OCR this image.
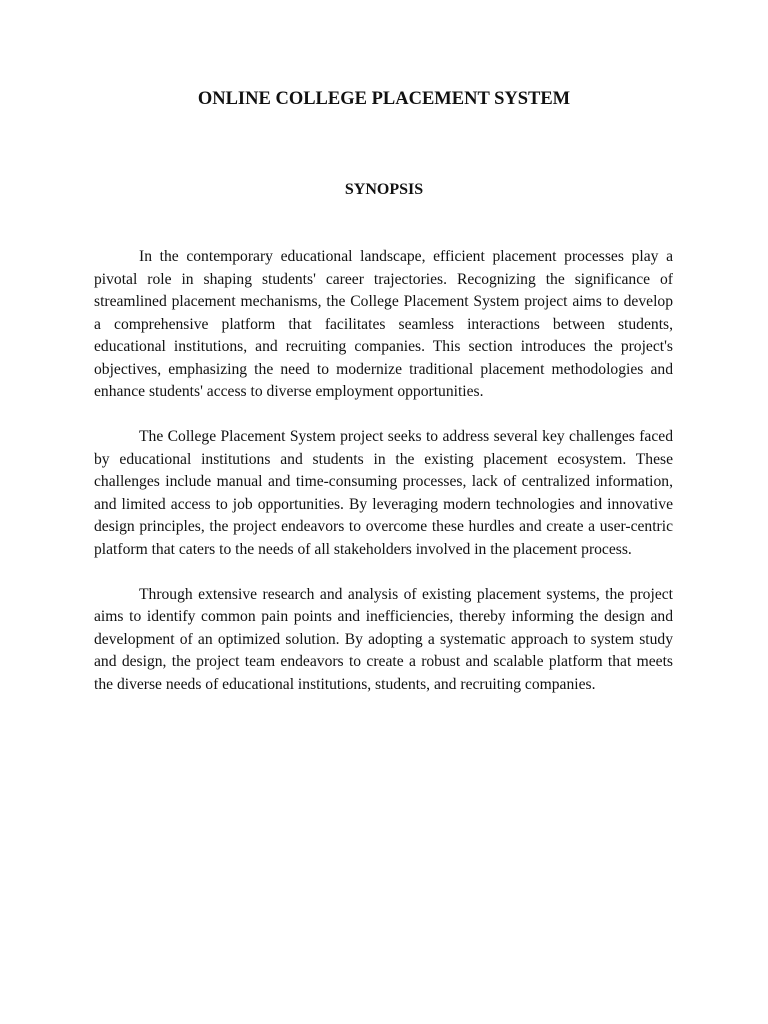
ONLINE COLLEGE PLACEMENT SYSTEM
SYNOPSIS

In the contemporary educational landscape, efficient placement processes play a pivotal role in shaping students' career trajectories. Recognizing the significance of streamlined placement mechanisms, the College Placement System project aims to develop a comprehensive platform that facilitates seamless interactions between students, educational institutions, and recruiting companies. This section introduces the project's objectives, emphasizing the need to modernize traditional placement methodologies and enhance students' access to diverse employment opportunities.

The College Placement System project seeks to address several key challenges faced by educational institutions and students in the existing placement ecosystem. These challenges include manual and time-consuming processes, lack of centralized information, and limited access to job opportunities. By leveraging modern technologies and innovative design principles, the project endeavors to overcome these hurdles and create a user-centric platform that caters to the needs of all stakeholders involved in the placement process.

Through extensive research and analysis of existing placement systems, the project aims to identify common pain points and inefficiencies, thereby informing the design and development of an optimized solution. By adopting a systematic approach to system study and design, the project team endeavors to create a robust and scalable platform that meets the diverse needs of educational institutions, students, and recruiting companies.
